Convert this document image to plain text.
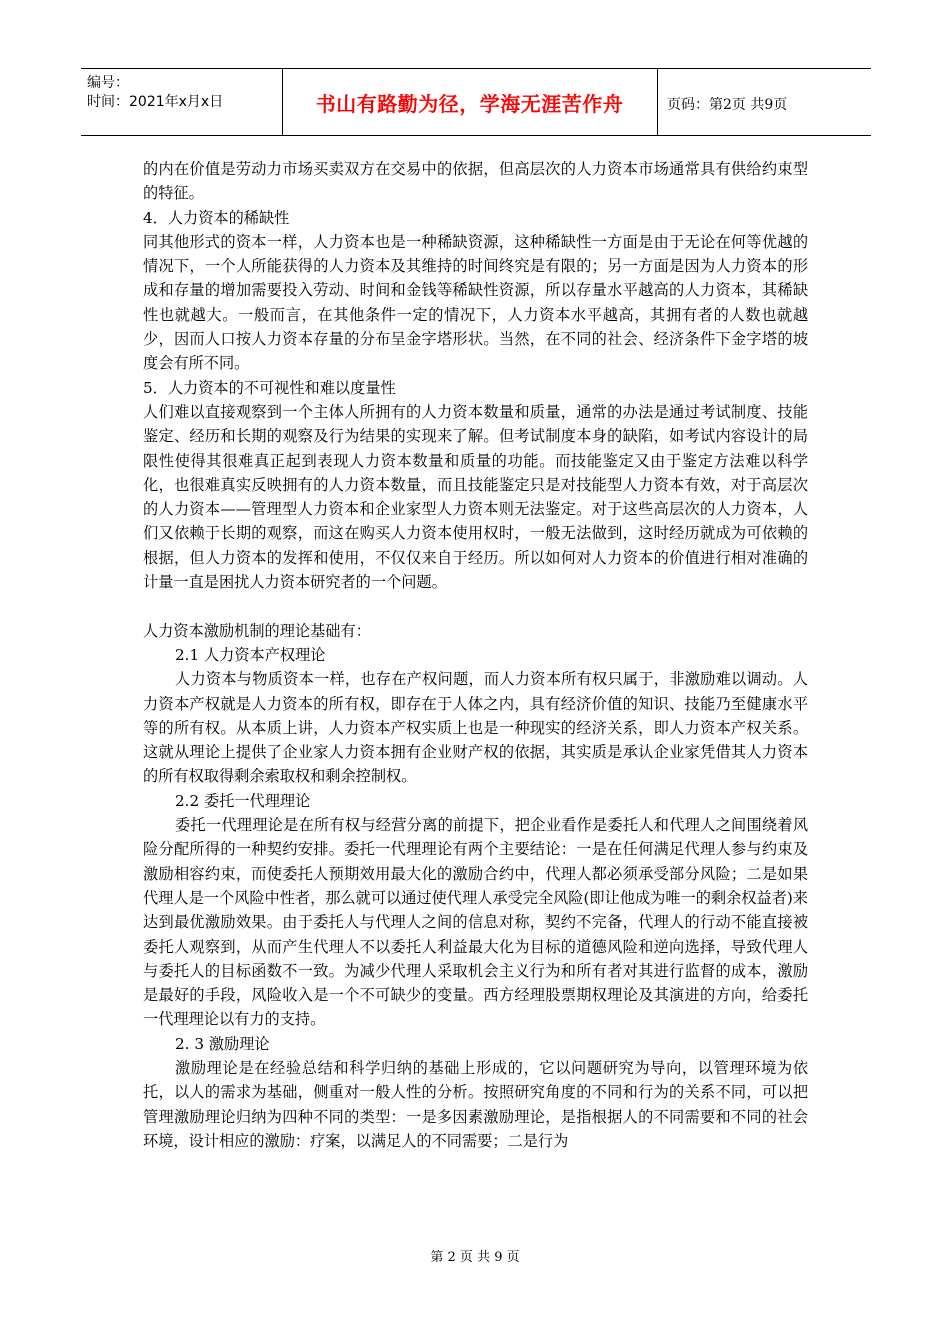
编号：
时间：2021年x月x日	书山有路勤为径，学海无涯苦作舟	页码：第2页 共9页

的内在价值是劳动力市场买卖双方在交易中的依据，但高层次的人力资本市场通常具有供给约束型的特征。

4．人力资本的稀缺性

同其他形式的资本一样，人力资本也是一种稀缺资源，这种稀缺性一方面是由于无论在何等优越的情况下，一个人所能获得的人力资本及其维持的时间终究是有限的；另一方面是因为人力资本的形成和存量的增加需要投入劳动、时间和金钱等稀缺性资源，所以存量水平越高的人力资本，其稀缺性也就越大。一般而言，在其他条件一定的情况下，人力资本水平越高，其拥有者的人数也就越少，因而人口按人力资本存量的分布呈金字塔形状。当然，在不同的社会、经济条件下金字塔的坡度会有所不同。

5．人力资本的不可视性和难以度量性

人们难以直接观察到一个主体人所拥有的人力资本数量和质量，通常的办法是通过考试制度、技能鉴定、经历和长期的观察及行为结果的实现来了解。但考试制度本身的缺陷，如考试内容设计的局限性使得其很难真正起到表现人力资本数量和质量的功能。而技能鉴定又由于鉴定方法难以科学化，也很难真实反映拥有的人力资本数量，而且技能鉴定只是对技能型人力资本有效，对于高层次的人力资本——管理型人力资本和企业家型人力资本则无法鉴定。对于这些高层次的人力资本，人们又依赖于长期的观察，而这在购买人力资本使用权时，一般无法做到，这时经历就成为可依赖的根据，但人力资本的发挥和使用，不仅仅来自于经历。所以如何对人力资本的价值进行相对准确的计量一直是困扰人力资本研究者的一个问题。

人力资本激励机制的理论基础有：

2.1 人力资本产权理论

人力资本与物质资本一样，也存在产权问题，而人力资本所有权只属于，非激励难以调动。人力资本产权就是人力资本的所有权，即存在于人体之内，具有经济价值的知识、技能乃至健康水平等的所有权。从本质上讲，人力资本产权实质上也是一种现实的经济关系，即人力资本产权关系。这就从理论上提供了企业家人力资本拥有企业财产权的依据，其实质是承认企业家凭借其人力资本的所有权取得剩余索取权和剩余控制权。

2.2 委托一代理理论

委托一代理理论是在所有权与经营分离的前提下，把企业看作是委托人和代理人之间围绕着风险分配所得的一种契约安排。委托一代理理论有两个主要结论：一是在任何满足代理人参与约束及激励相容约束，而使委托人预期效用最大化的激励合约中，代理人都必须承受部分风险；二是如果代理人是一个风险中性者，那么就可以通过使代理人承受完全风险(即让他成为唯一的剩余权益者)来达到最优激励效果。由于委托人与代理人之间的信息对称，契约不完备，代理人的行动不能直接被委托人观察到，从而产生代理人不以委托人利益最大化为目标的道德风险和逆向选择，导致代理人与委托人的目标函数不一致。为减少代理人采取机会主义行为和所有者对其进行监督的成本，激励是最好的手段，风险收入是一个不可缺少的变量。西方经理股票期权理论及其演进的方向，给委托一代理理论以有力的支持。

2. 3 激励理论

激励理论是在经验总结和科学归纳的基础上形成的，它以问题研究为导向，以管理环境为依托，以人的需求为基础，侧重对一般人性的分析。按照研究角度的不同和行为的关系不同，可以把管理激励理论归纳为四种不同的类型：一是多因素激励理论，是指根据人的不同需要和不同的社会环境，设计相应的激励：疗案，以满足人的不同需要；二是行为

第 2 页 共 9 页
